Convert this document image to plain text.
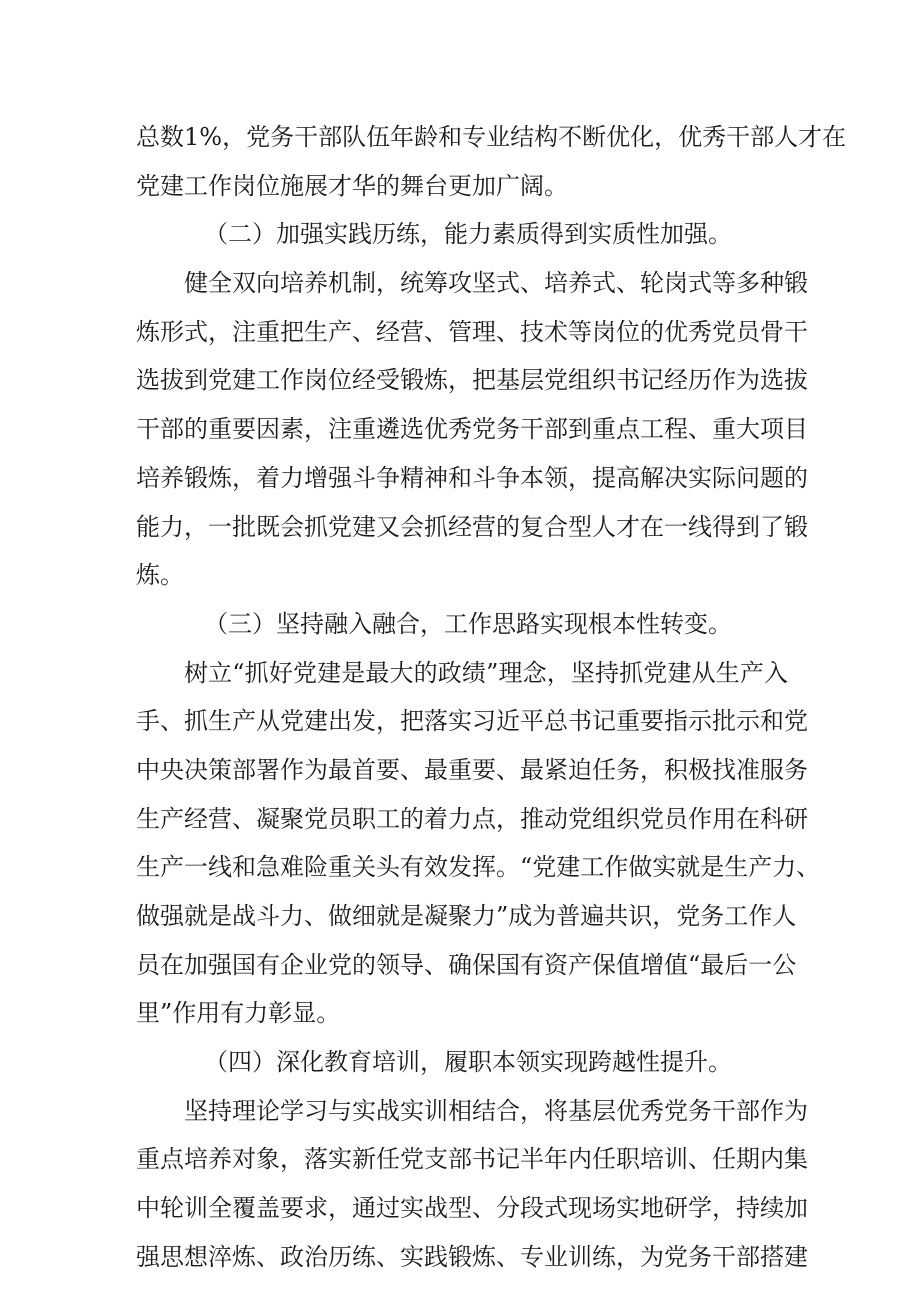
总数1%，党务干部队伍年龄和专业结构不断优化，优秀干部人才在
党建工作岗位施展才华的舞台更加广阔。
（二）加强实践历练，能力素质得到实质性加强。
健全双向培养机制，统筹攻坚式、培养式、轮岗式等多种锻
炼形式，注重把生产、经营、管理、技术等岗位的优秀党员骨干
选拔到党建工作岗位经受锻炼，把基层党组织书记经历作为选拔
干部的重要因素，注重遴选优秀党务干部到重点工程、重大项目
培养锻炼，着力增强斗争精神和斗争本领，提高解决实际问题的
能力，一批既会抓党建又会抓经营的复合型人才在一线得到了锻
炼。
（三）坚持融入融合，工作思路实现根本性转变。
树立“抓好党建是最大的政绩”理念，坚持抓党建从生产入
手、抓生产从党建出发，把落实习近平总书记重要指示批示和党
中央决策部署作为最首要、最重要、最紧迫任务，积极找准服务
生产经营、凝聚党员职工的着力点，推动党组织党员作用在科研
生产一线和急难险重关头有效发挥。“党建工作做实就是生产力、
做强就是战斗力、做细就是凝聚力”成为普遍共识，党务工作人
员在加强国有企业党的领导、确保国有资产保值增值“最后一公
里”作用有力彰显。
（四）深化教育培训，履职本领实现跨越性提升。
坚持理论学习与实战实训相结合，将基层优秀党务干部作为
重点培养对象，落实新任党支部书记半年内任职培训、任期内集
中轮训全覆盖要求，通过实战型、分段式现场实地研学，持续加
强思想淬炼、政治历练、实践锻炼、专业训练，为党务干部搭建
